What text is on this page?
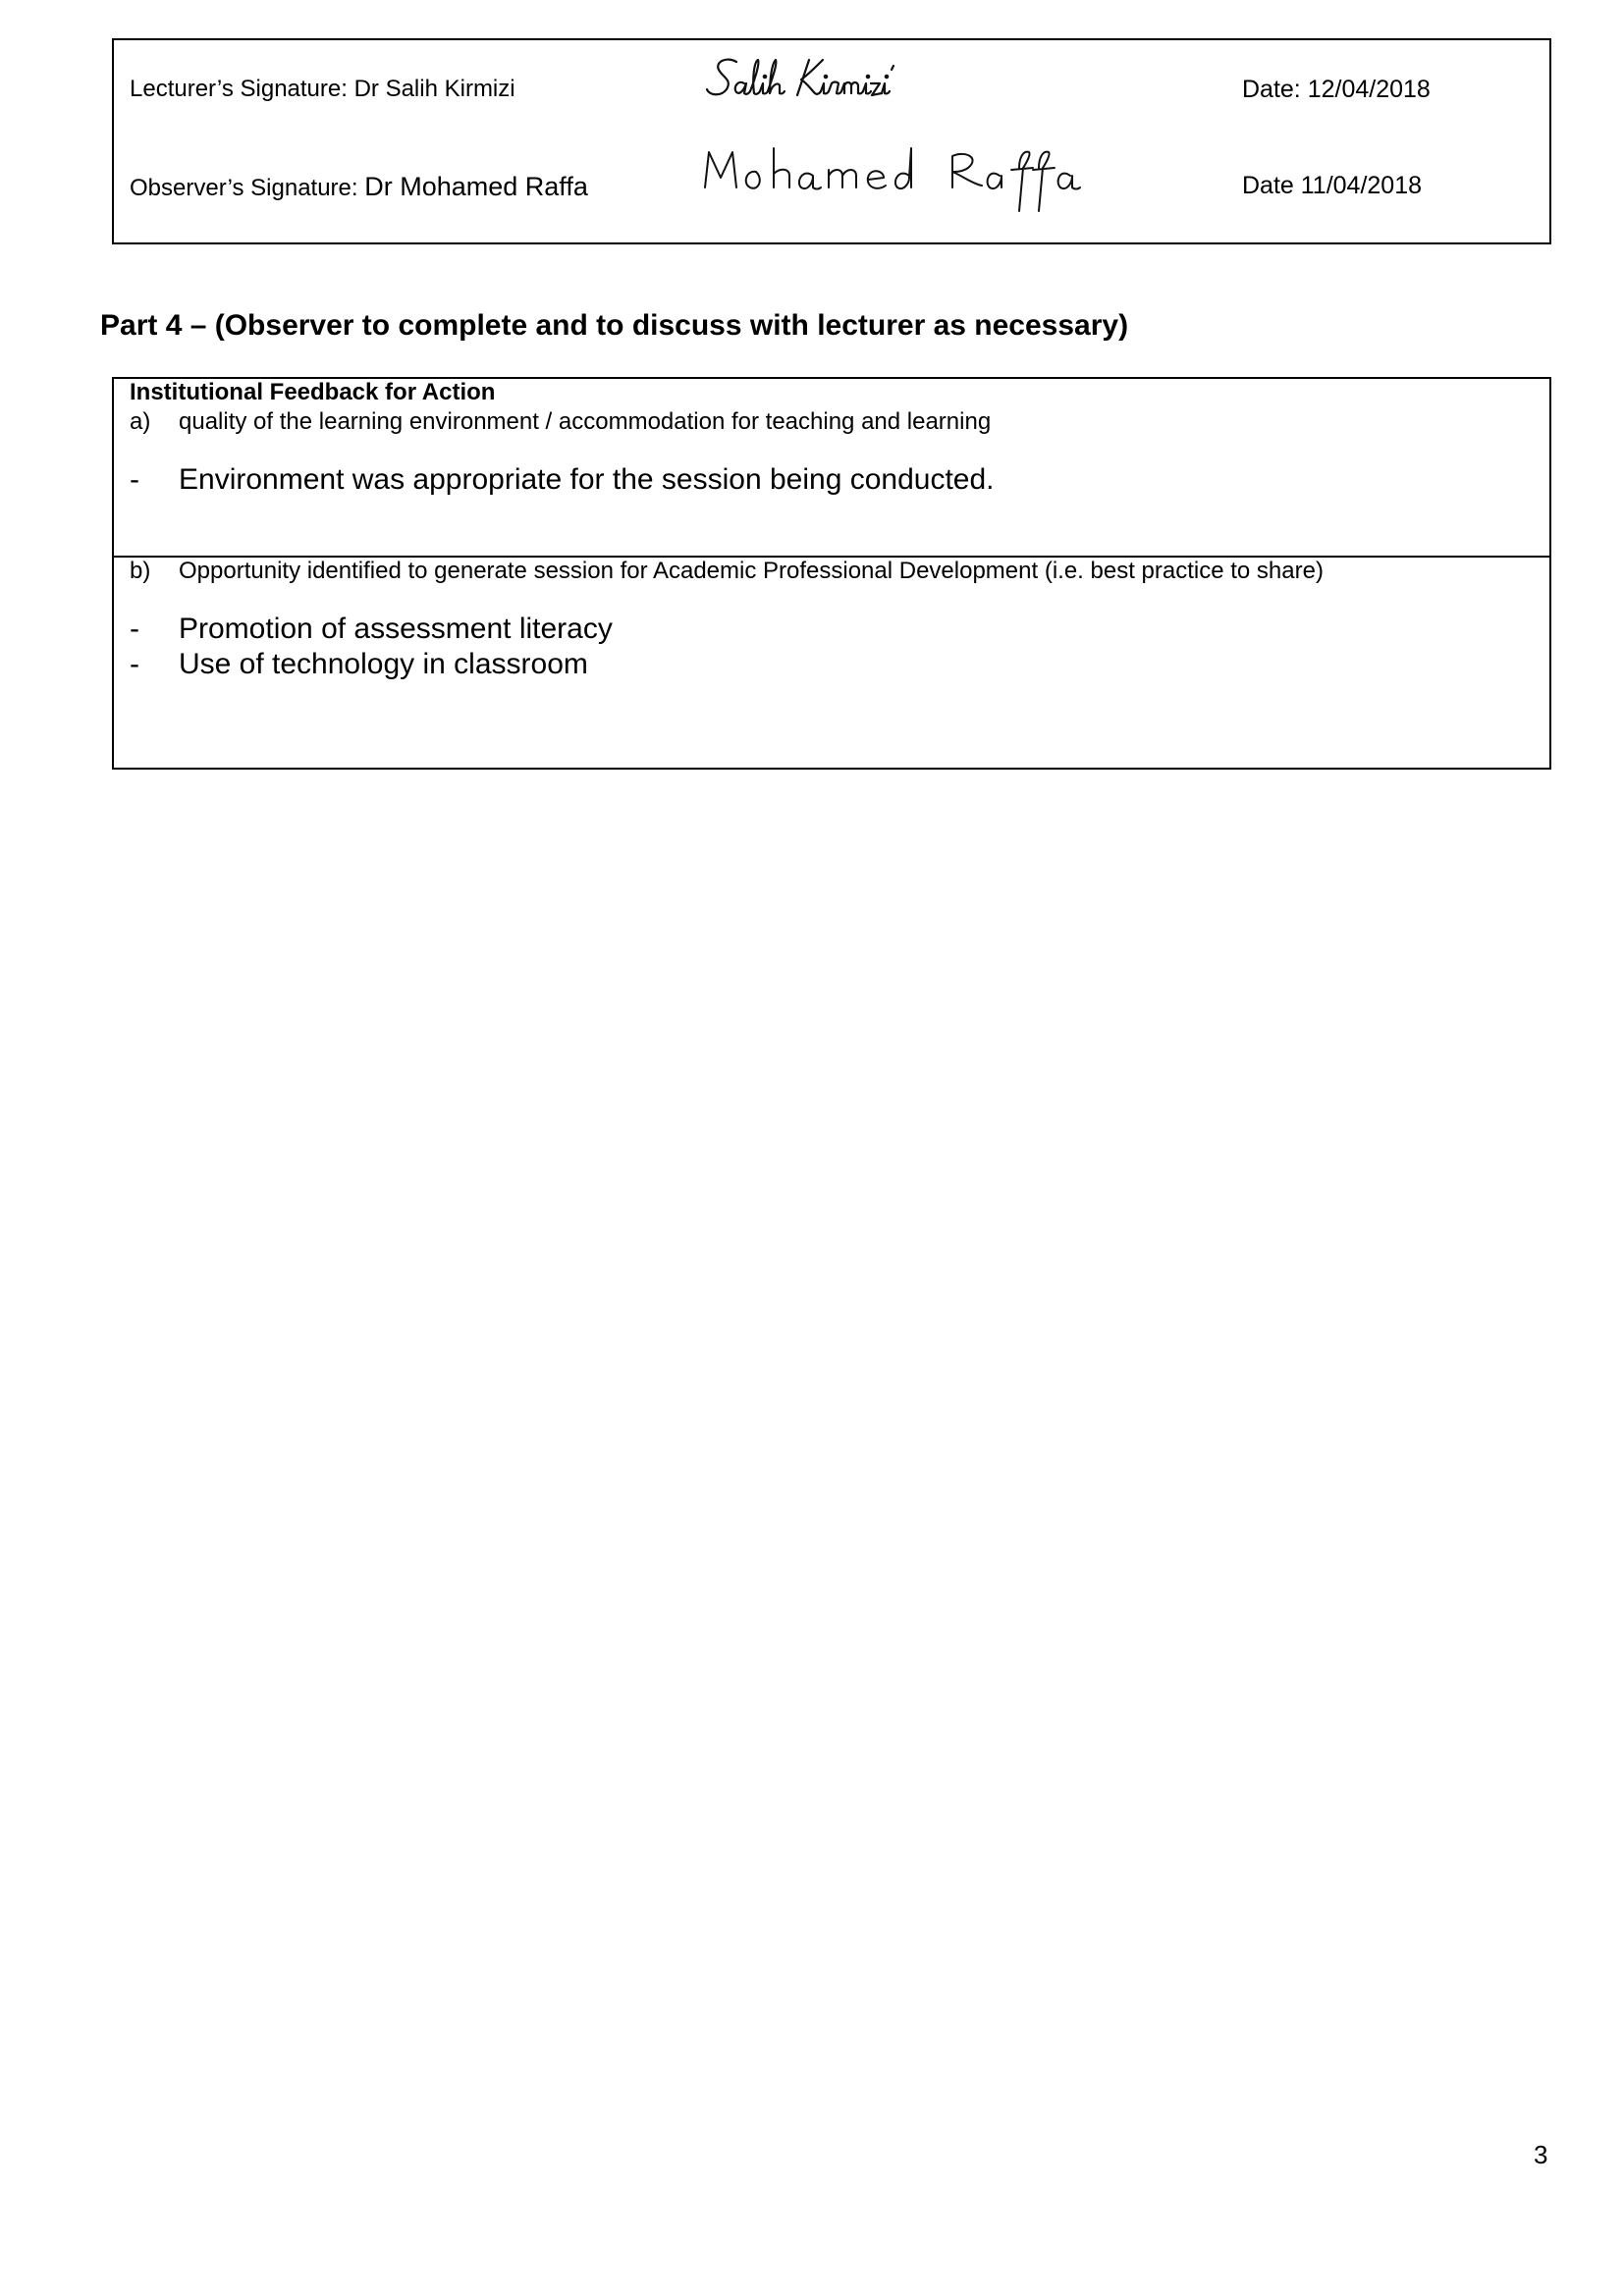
Lecturer’s Signature: Dr Salih Kirmizi	Date: 12/04/2018
Observer’s Signature: Dr Mohamed Raffa	Date 11/04/2018
Part 4 – (Observer to complete and to discuss with lecturer as necessary)
Institutional Feedback for Action
a) quality of the learning environment / accommodation for teaching and learning
- Environment was appropriate for the session being conducted.
b) Opportunity identified to generate session for Academic Professional Development (i.e. best practice to share)
- Promotion of assessment literacy
- Use of technology in classroom
3
